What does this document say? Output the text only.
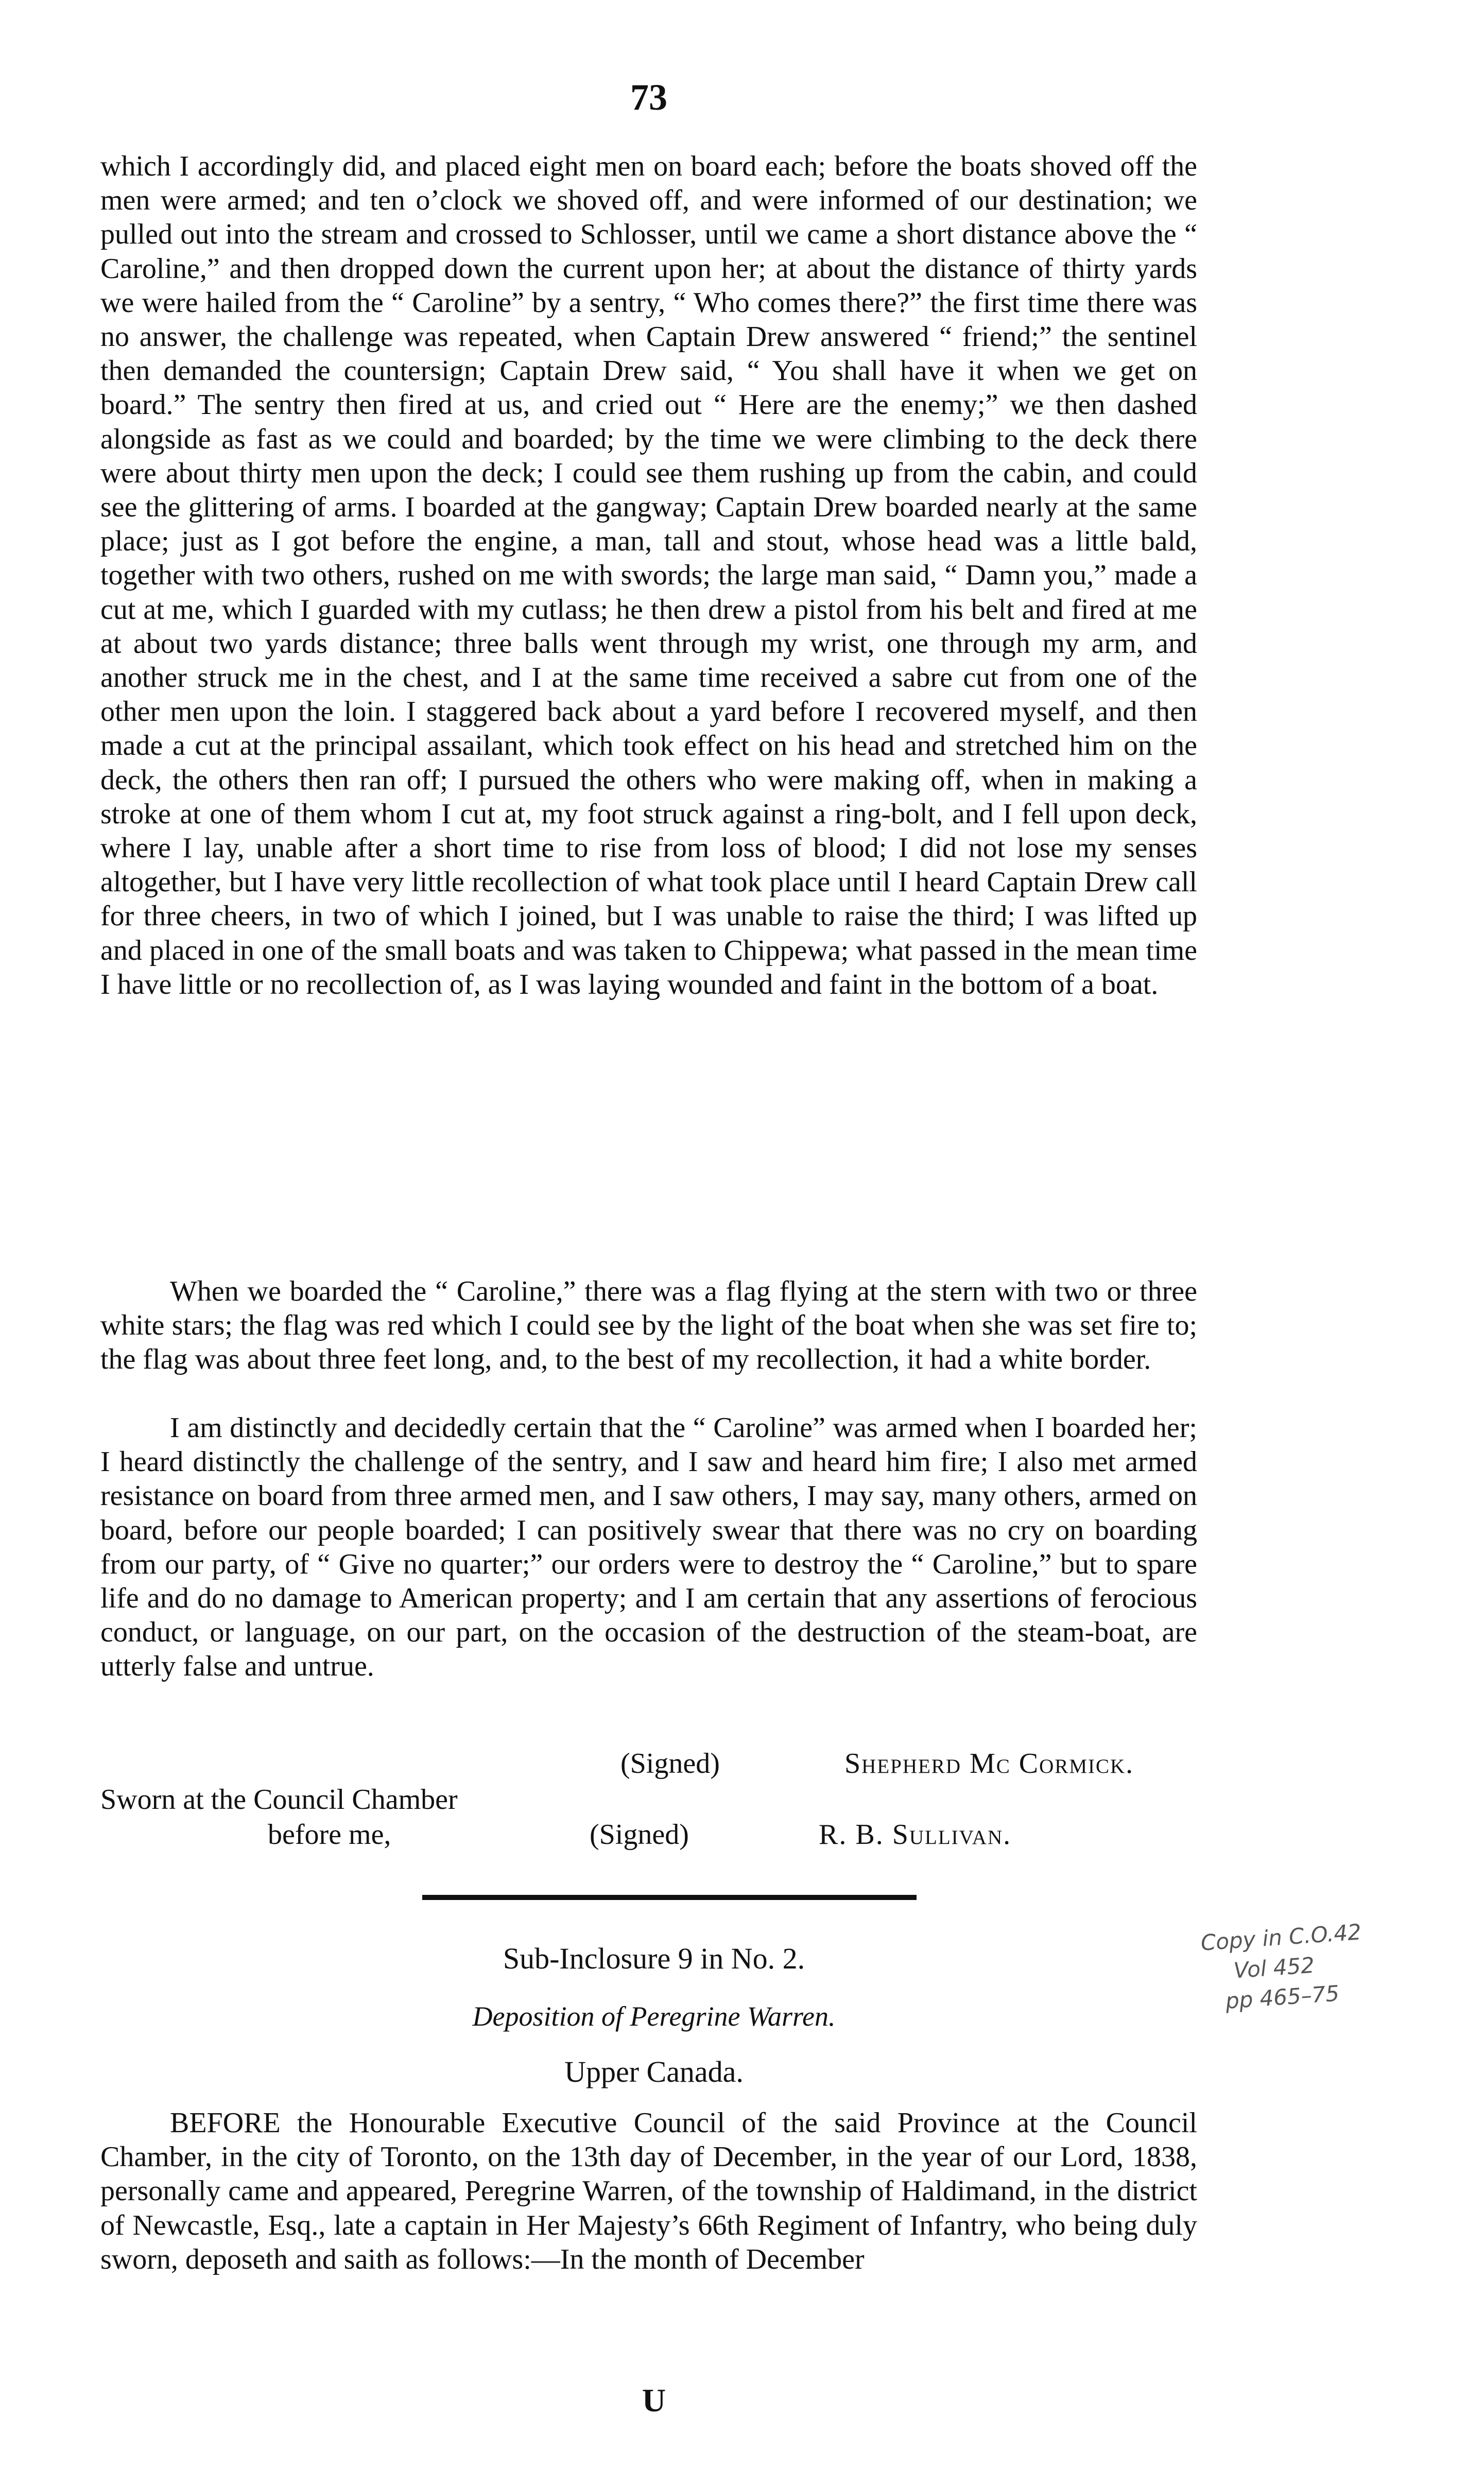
73

which I accordingly did, and placed eight men on board each; before the boats shoved off the men were armed; and ten o’clock we shoved off, and were informed of our destination; we pulled out into the stream and crossed to Schlosser, until we came a short distance above the “ Caroline,” and then dropped down the current upon her; at about the distance of thirty yards we were hailed from the “ Caroline” by a sentry, “ Who comes there?” the first time there was no answer, the challenge was repeated, when Captain Drew answered “ friend;” the sentinel then demanded the countersign; Captain Drew said, “ You shall have it when we get on board.” The sentry then fired at us, and cried out “ Here are the enemy;” we then dashed alongside as fast as we could and boarded; by the time we were climbing to the deck there were about thirty men upon the deck; I could see them rushing up from the cabin, and could see the glittering of arms. I boarded at the gangway; Captain Drew boarded nearly at the same place; just as I got before the engine, a man, tall and stout, whose head was a little bald, together with two others, rushed on me with swords; the large man said, “ Damn you,” made a cut at me, which I guarded with my cutlass; he then drew a pistol from his belt and fired at me at about two yards distance; three balls went through my wrist, one through my arm, and another struck me in the chest, and I at the same time received a sabre cut from one of the other men upon the loin. I staggered back about a yard before I recovered myself, and then made a cut at the principal assailant, which took effect on his head and stretched him on the deck, the others then ran off; I pursued the others who were making off, when in making a stroke at one of them whom I cut at, my foot struck against a ring-bolt, and I fell upon deck, where I lay, unable after a short time to rise from loss of blood; I did not lose my senses altogether, but I have very little recollection of what took place until I heard Captain Drew call for three cheers, in two of which I joined, but I was unable to raise the third; I was lifted up and placed in one of the small boats and was taken to Chippewa; what passed in the mean time I have little or no recollection of, as I was laying wounded and faint in the bottom of a boat.

When we boarded the “ Caroline,” there was a flag flying at the stern with two or three white stars; the flag was red which I could see by the light of the boat when she was set fire to; the flag was about three feet long, and, to the best of my recollection, it had a white border.

I am distinctly and decidedly certain that the “ Caroline” was armed when I boarded her; I heard distinctly the challenge of the sentry, and I saw and heard him fire; I also met armed resistance on board from three armed men, and I saw others, I may say, many others, armed on board, before our people boarded; I can positively swear that there was no cry on boarding from our party, of “ Give no quarter;” our orders were to destroy the “ Caroline,” but to spare life and do no damage to American property; and I am certain that any assertions of ferocious conduct, or language, on our part, on the occasion of the destruction of the steam-boat, are utterly false and untrue.

(Signed)	Shepherd Mc Cormick.
Sworn at the Council Chamber
before me,	(Signed)	R. B. Sullivan.
Sub-Inclosure 9 in No. 2.
Deposition of Peregrine Warren.
Upper Canada.
Copy in C.O.42
Vol 452
pp 465–75

BEFORE the Honourable Executive Council of the said Province at the Council Chamber, in the city of Toronto, on the 13th day of December, in the year of our Lord, 1838, personally came and appeared, Peregrine Warren, of the township of Haldimand, in the district of Newcastle, Esq., late a captain in Her Majesty’s 66th Regiment of Infantry, who being duly sworn, deposeth and saith as follows:—In the month of December

U
